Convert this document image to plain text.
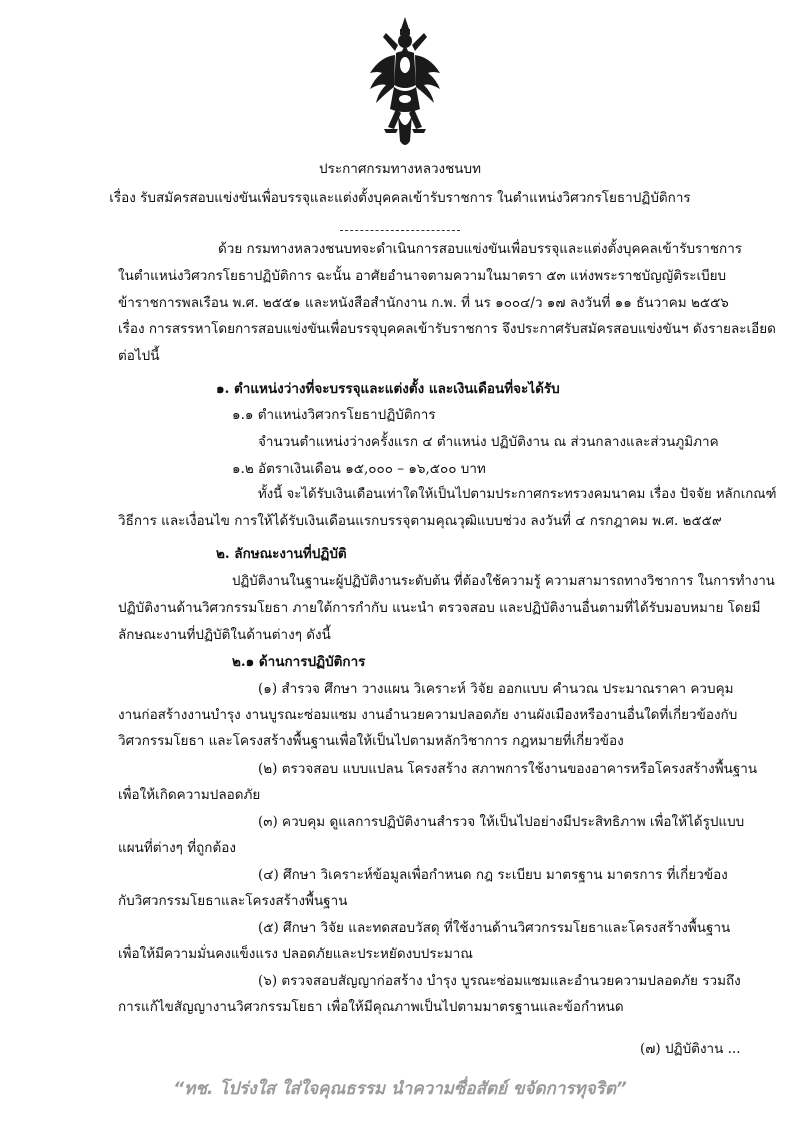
ประกาศกรมทางหลวงชนบท
เรื่อง รับสมัครสอบแข่งขันเพื่อบรรจุและแต่งตั้งบุคคลเข้ารับราชการ ในตำแหน่งวิศวกรโยธาปฏิบัติการ
ด้วย กรมทางหลวงชนบทจะดำเนินการสอบแข่งขันเพื่อบรรจุและแต่งตั้งบุคคลเข้ารับราชการ
ในตำแหน่งวิศวกรโยธาปฏิบัติการ ฉะนั้น อาศัยอำนาจตามความในมาตรา ๕๓ แห่งพระราชบัญญัติระเบียบ
ข้าราชการพลเรือน พ.ศ. ๒๕๕๑ และหนังสือสำนักงาน ก.พ. ที่ นร ๑๐๐๔/ว ๑๗ ลงวันที่ ๑๑ ธันวาคม ๒๕๕๖
เรื่อง การสรรหาโดยการสอบแข่งขันเพื่อบรรจุบุคคลเข้ารับราชการ จึงประกาศรับสมัครสอบแข่งขันฯ ดังรายละเอียด
ต่อไปนี้
๑. ตำแหน่งว่างที่จะบรรจุและแต่งตั้ง และเงินเดือนที่จะได้รับ
๑.๑ ตำแหน่งวิศวกรโยธาปฏิบัติการ
จำนวนตำแหน่งว่างครั้งแรก ๔ ตำแหน่ง ปฏิบัติงาน ณ ส่วนกลางและส่วนภูมิภาค
๑.๒ อัตราเงินเดือน ๑๕,๐๐๐ – ๑๖,๕๐๐ บาท
ทั้งนี้ จะได้รับเงินเดือนเท่าใดให้เป็นไปตามประกาศกระทรวงคมนาคม เรื่อง ปัจจัย หลักเกณฑ์
วิธีการ และเงื่อนไข การให้ได้รับเงินเดือนแรกบรรจุตามคุณวุฒิแบบช่วง ลงวันที่ ๔ กรกฎาคม พ.ศ. ๒๕๕๙
๒. ลักษณะงานที่ปฏิบัติ
ปฏิบัติงานในฐานะผู้ปฏิบัติงานระดับต้น ที่ต้องใช้ความรู้ ความสามารถทางวิชาการ ในการทำงาน
ปฏิบัติงานด้านวิศวกรรมโยธา ภายใต้การกำกับ แนะนำ ตรวจสอบ และปฏิบัติงานอื่นตามที่ได้รับมอบหมาย โดยมี
ลักษณะงานที่ปฏิบัติในด้านต่างๆ ดังนี้
๒.๑ ด้านการปฏิบัติการ
(๑) สำรวจ ศึกษา วางแผน วิเคราะห์ วิจัย ออกแบบ คำนวณ ประมาณราคา ควบคุม
งานก่อสร้างงานบำรุง งานบูรณะซ่อมแซม งานอำนวยความปลอดภัย งานผังเมืองหรืองานอื่นใดที่เกี่ยวข้องกับ
วิศวกรรมโยธา และโครงสร้างพื้นฐานเพื่อให้เป็นไปตามหลักวิชาการ กฎหมายที่เกี่ยวข้อง
(๒) ตรวจสอบ แบบแปลน โครงสร้าง สภาพการใช้งานของอาคารหรือโครงสร้างพื้นฐาน
เพื่อให้เกิดความปลอดภัย
(๓) ควบคุม ดูแลการปฏิบัติงานสำรวจ ให้เป็นไปอย่างมีประสิทธิภาพ เพื่อให้ได้รูปแบบ
แผนที่ต่างๆ ที่ถูกต้อง
(๔) ศึกษา วิเคราะห์ข้อมูลเพื่อกำหนด กฎ ระเบียบ มาตรฐาน มาตรการ ที่เกี่ยวข้อง
กับวิศวกรรมโยธาและโครงสร้างพื้นฐาน
(๕) ศึกษา วิจัย และทดสอบวัสดุ ที่ใช้งานด้านวิศวกรรมโยธาและโครงสร้างพื้นฐาน
เพื่อให้มีความมั่นคงแข็งแรง ปลอดภัยและประหยัดงบประมาณ
(๖) ตรวจสอบสัญญาก่อสร้าง บำรุง บูรณะซ่อมแซมและอำนวยความปลอดภัย รวมถึง
การแก้ไขสัญญางานวิศวกรรมโยธา เพื่อให้มีคุณภาพเป็นไปตามมาตรฐานและข้อกำหนด
(๗) ปฏิบัติงาน ...
“ทช. โปร่งใส ใส่ใจคุณธรรม นำความซื่อสัตย์ ขจัดการทุจริต”
